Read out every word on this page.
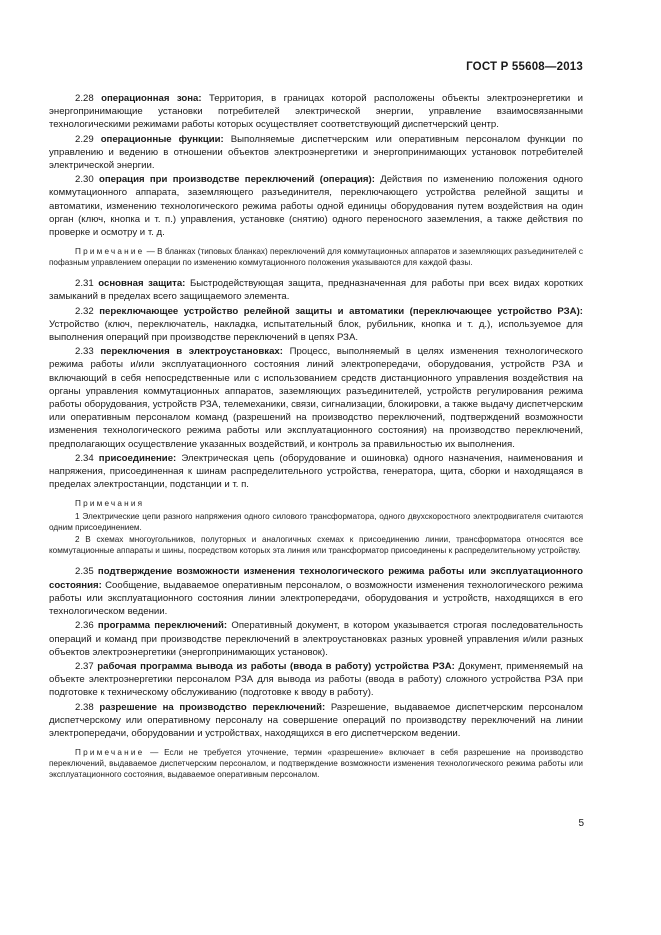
ГОСТ Р 55608—2013

2.28 операционная зона: Территория, в границах которой расположены объекты электроэнергетики и энергопринимающие установки потребителей электрической энергии, управление взаимосвязанными технологическими режимами работы которых осуществляет соответствующий диспетчерский центр.

2.29 операционные функции: Выполняемые диспетчерским или оперативным персоналом функции по управлению и ведению в отношении объектов электроэнергетики и энергопринимающих установок потребителей электрической энергии.

2.30 операция при производстве переключений (операция): Действия по изменению положения одного коммутационного аппарата, заземляющего разъединителя, переключающего устройства релейной защиты и автоматики, изменению технологического режима работы одной единицы оборудования путем воздействия на один орган (ключ, кнопка и т. п.) управления, установке (снятию) одного переносного заземления, а также действия по проверке и осмотру и т. д.

Примечание — В бланках (типовых бланках) переключений для коммутационных аппаратов и заземляющих разъединителей с пофазным управлением операции по изменению коммутационного положения указываются для каждой фазы.

2.31 основная защита: Быстродействующая защита, предназначенная для работы при всех видах коротких замыканий в пределах всего защищаемого элемента.

2.32 переключающее устройство релейной защиты и автоматики (переключающее устройство РЗА): Устройство (ключ, переключатель, накладка, испытательный блок, рубильник, кнопка и т. д.), используемое для выполнения операций при производстве переключений в цепях РЗА.

2.33 переключения в электроустановках: Процесс, выполняемый в целях изменения технологического режима работы и/или эксплуатационного состояния линий электропередачи, оборудования, устройств РЗА и включающий в себя непосредственные или с использованием средств дистанционного управления воздействия на органы управления коммутационных аппаратов, заземляющих разъединителей, устройств регулирования режима работы оборудования, устройств РЗА, телемеханики, связи, сигнализации, блокировки, а также выдачу диспетчерским или оперативным персоналом команд (разрешений на производство переключений, подтверждений возможности изменения технологического режима работы или эксплуатационного состояния) на производство переключений, предполагающих осуществление указанных воздействий, и контроль за правильностью их выполнения.

2.34 присоединение: Электрическая цепь (оборудование и ошиновка) одного назначения, наименования и напряжения, присоединенная к шинам распределительного устройства, генератора, щита, сборки и находящаяся в пределах электростанции, подстанции и т. п.

Примечания

1 Электрические цепи разного напряжения одного силового трансформатора, одного двухскоростного электродвигателя считаются одним присоединением.

2 В схемах многоугольников, полуторных и аналогичных схемах к присоединению линии, трансформатора относятся все коммутационные аппараты и шины, посредством которых эта линия или трансформатор присоединены к распределительному устройству.

2.35 подтверждение возможности изменения технологического режима работы или эксплуатационного состояния: Сообщение, выдаваемое оперативным персоналом, о возможности изменения технологического режима работы или эксплуатационного состояния линии электропередачи, оборудования и устройств, находящихся в его технологическом ведении.

2.36 программа переключений: Оперативный документ, в котором указывается строгая последовательность операций и команд при производстве переключений в электроустановках разных уровней управления и/или разных объектов электроэнергетики (энергопринимающих установок).

2.37 рабочая программа вывода из работы (ввода в работу) устройства РЗА: Документ, применяемый на объекте электроэнергетики персоналом РЗА для вывода из работы (ввода в работу) сложного устройства РЗА при подготовке к техническому обслуживанию (подготовке к вводу в работу).

2.38 разрешение на производство переключений: Разрешение, выдаваемое диспетчерским персоналом диспетчерскому или оперативному персоналу на совершение операций по производству переключений на линии электропередачи, оборудовании и устройствах, находящихся в его диспетчерском ведении.

Примечание — Если не требуется уточнение, термин «разрешение» включает в себя разрешение на производство переключений, выдаваемое диспетчерским персоналом, и подтверждение возможности изменения технологического режима работы или эксплуатационного состояния, выдаваемое оперативным персоналом.

5
